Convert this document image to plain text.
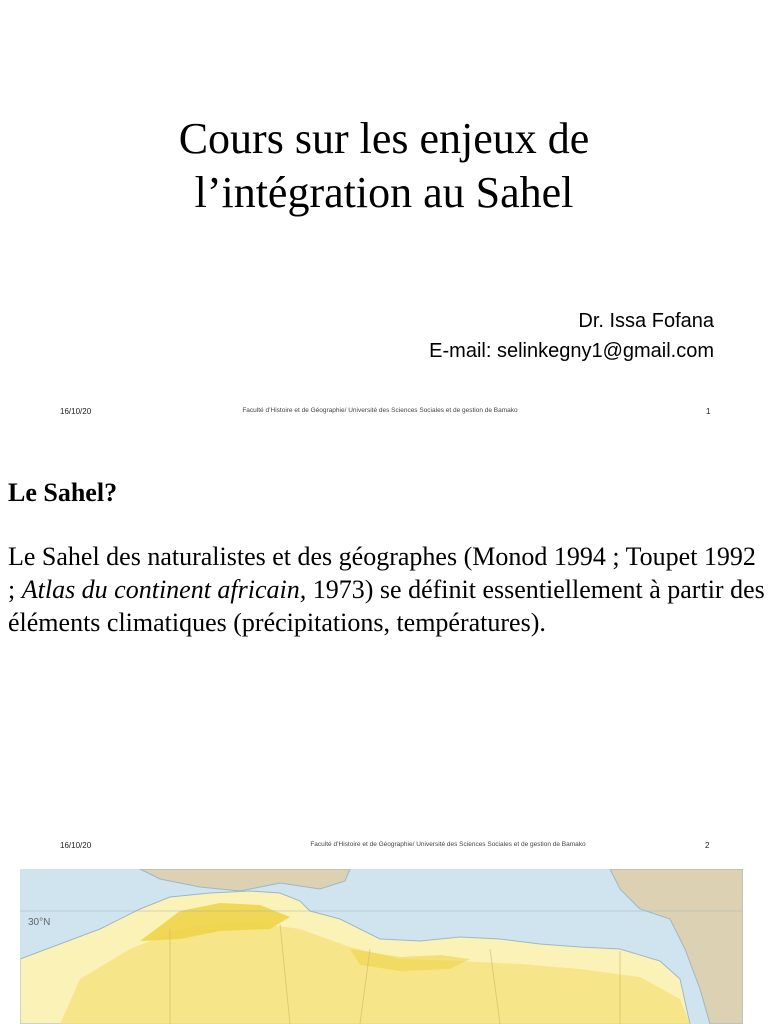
Cours sur les enjeux de
l’intégration au Sahel
Dr. Issa Fofana
E-mail: selinkegny1@gmail.com
16/10/20	Faculté d’Histoire et de Géographie/ Université des Sciences Sociales et de gestion de Bamako	1
Le Sahel?
Le Sahel des naturalistes et des géographes (Monod 1994 ; Toupet 1992 ; Atlas du continent africain, 1973) se définit essentiellement à partir des éléments climatiques (précipitations, températures).
16/10/20	Faculté d’Histoire et de Géographie/ Université des Sciences Sociales et de gestion de Bamako	2
30°N
